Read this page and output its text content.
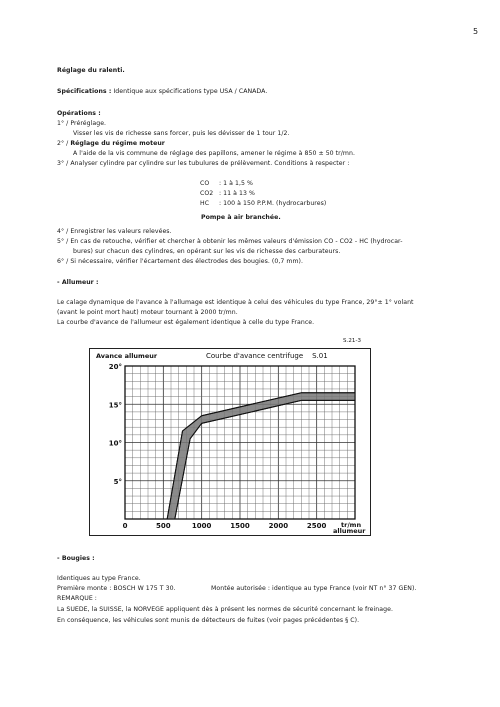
5
Réglage du ralenti.
Spécifications : Identique aux spécifications type USA / CANADA.
Opérations :
1° / Préréglage.
Visser les vis de richesse sans forcer, puis les dévisser de 1 tour 1/2.
2° / Réglage du régime moteur
A l'aide de la vis commune de réglage des papillons, amener le régime à 850 ± 50 tr/mn.
3° / Analyser cylindre par cylindre sur les tubulures de prélèvement. Conditions à respecter :
CO : 1 à 1,5 %
CO2 : 11 à 13 %
HC : 100 à 150 P.P.M. (hydrocarbures)
Pompe à air branchée.
4° / Enregistrer les valeurs relevées.
5° / En cas de retouche, vérifier et chercher à obtenir les mêmes valeurs d'émission CO - CO2 - HC (hydrocar-
bures) sur chacun des cylindres, en opérant sur les vis de richesse des carburateurs.
6° / Si nécessaire, vérifier l'écartement des électrodes des bougies. (0,7 mm).
- Allumeur :
Le calage dynamique de l'avance à l'allumage est identique à celui des véhicules du type France, 29°± 1° volant
(avant le point mort haut) moteur tournant à 2000 tr/mn.
La courbe d'avance de l'allumeur est également identique à celle du type France.
S.21-3
5°
10°
15°
20°
0	500	1000	1500	2000	2500
Avance allumeur	Courbe d'avance centrifuge    S.01
tr/mn
allumeur
- Bougies :
Identiques au type France.
Première monte : BOSCH W 175 T 30.	Montée autorisée : identique au type France (voir NT n° 37 GEN).
REMARQUE :
La SUEDE, la SUISSE, la NORVEGE appliquent dès à présent les normes de sécurité concernant le freinage.
En conséquence, les véhicules sont munis de détecteurs de fuites (voir pages précédentes § C).
